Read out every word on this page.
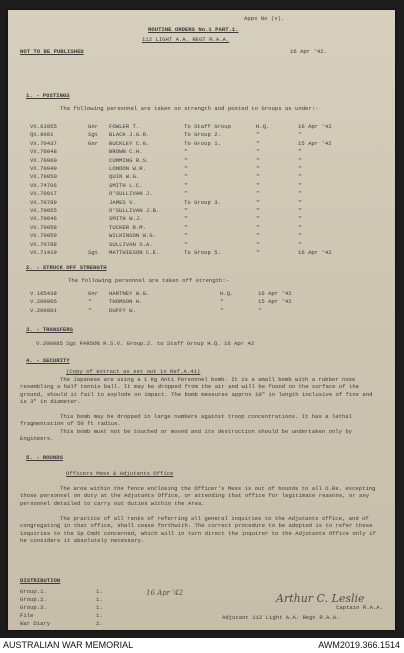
Appx No (v).
ROUTINE ORDERS No.1 PART.1.
112 LIGHT A.A. REGT R.A.A.
NOT TO BE PUBLISHED	16 Apr '42.
1. - POSTINGS
The following personnel are taken on strength and posted to Groups as under:-
VX.61055	Gnr FOWLER T.	To Staff Group	H.Q.	16 Apr '42
QX.9001	Sgt BLACK J.G.R.	To Group 2.	"	"
VX.70437	Gnr BUCKLEY C.G.	To Group 1.	"	15 Apr '42
VX.70048	BROWN C.H.	"	"	"
VX.70060	CUMMING R.S.	"	"	"
VX.70049	LONDON W.R.	"	"	"
VX.70050	QUIN W.G.	"	"	"
VX.74706	SMITH L.C.	"	"	"
VX.70017	O'SULLIVAN J.	"	"	"
VX.70789	JAMES V.	To Group 3.	"	"
VX.70055	O'SULLIVAN J.B.	"	"	"
VX.70046	SMITH W.J.	"	"	"
VX.70058	TUCKER R.M.	"	"	"
VX.70059	WILKINSON W.G.	"	"	"
VX.70788	SULLIVAN S.A.	"	"	"
VX.71419	Sgt MATTHIESON C.E.	To Group 5.	"	16 Apr '42
2. - STRUCK OFF STRENGTH
The following personnel are taken off strength:-
V.165438	Gnr HARTNEY W.G.	H.Q.	16 Apr '42
V.200005	"	THOMSON H.	"	15 Apr '42
V.200001	"	DUFFY W.	"	"
3. - TRANSFERS
V.200085 Sgt PARSON R.S.V. Group.2. to Staff Group H.Q. 16 Apr 42
4. - SECURITY
(Copy of extract as set out in Ref.A.41)
The Japanese are using a 1 Kg Anti Personnel bomb. It is a small bomb with a rubber nose resembling a half tennis ball. It may be dropped from the air and will be found on the surface of the ground, should it fail to explode on impact. The bomb measures approx 10" in length inclusive of fins and is 3" in diameter.
This bomb may be dropped in large numbers against troop concentrations. It has a lethal fragmentation of 50 ft radius.
This bomb must not be touched or moved and its destruction should be undertaken only by Engineers.
5. - ROUNDS
Officers Mess & Adjutants Office
The area within the fence enclosing the Officer's Mess is out of bounds to all O.Rs. excepting those personnel on duty at the Adjutants Office, or attending that office for legitimate reasons, or any personnel detailed to carry out duties within the Area.
The practice of all ranks of referring all general inquiries to the Adjutants office, and of congregating in that office, shall cease forthwith. The correct procedure to be adopted is to refer these inquiries to the Sp Cmdt concerned, which will in turn direct the inquirer to the Adjutants Office only if he considers it absolutely necessary.
DISTRIBUTION
Group.1.	1.
Group.2.	1.
Group.3.	1.
File	1.
War Diary	2.
16 Apr '42	Arthur C. Leslie
Captain R.A.A.
Adjutant 112 Light A.A. Regt R.A.A.
AUSTRALIAN WAR MEMORIAL	AWM2019.366.1514
